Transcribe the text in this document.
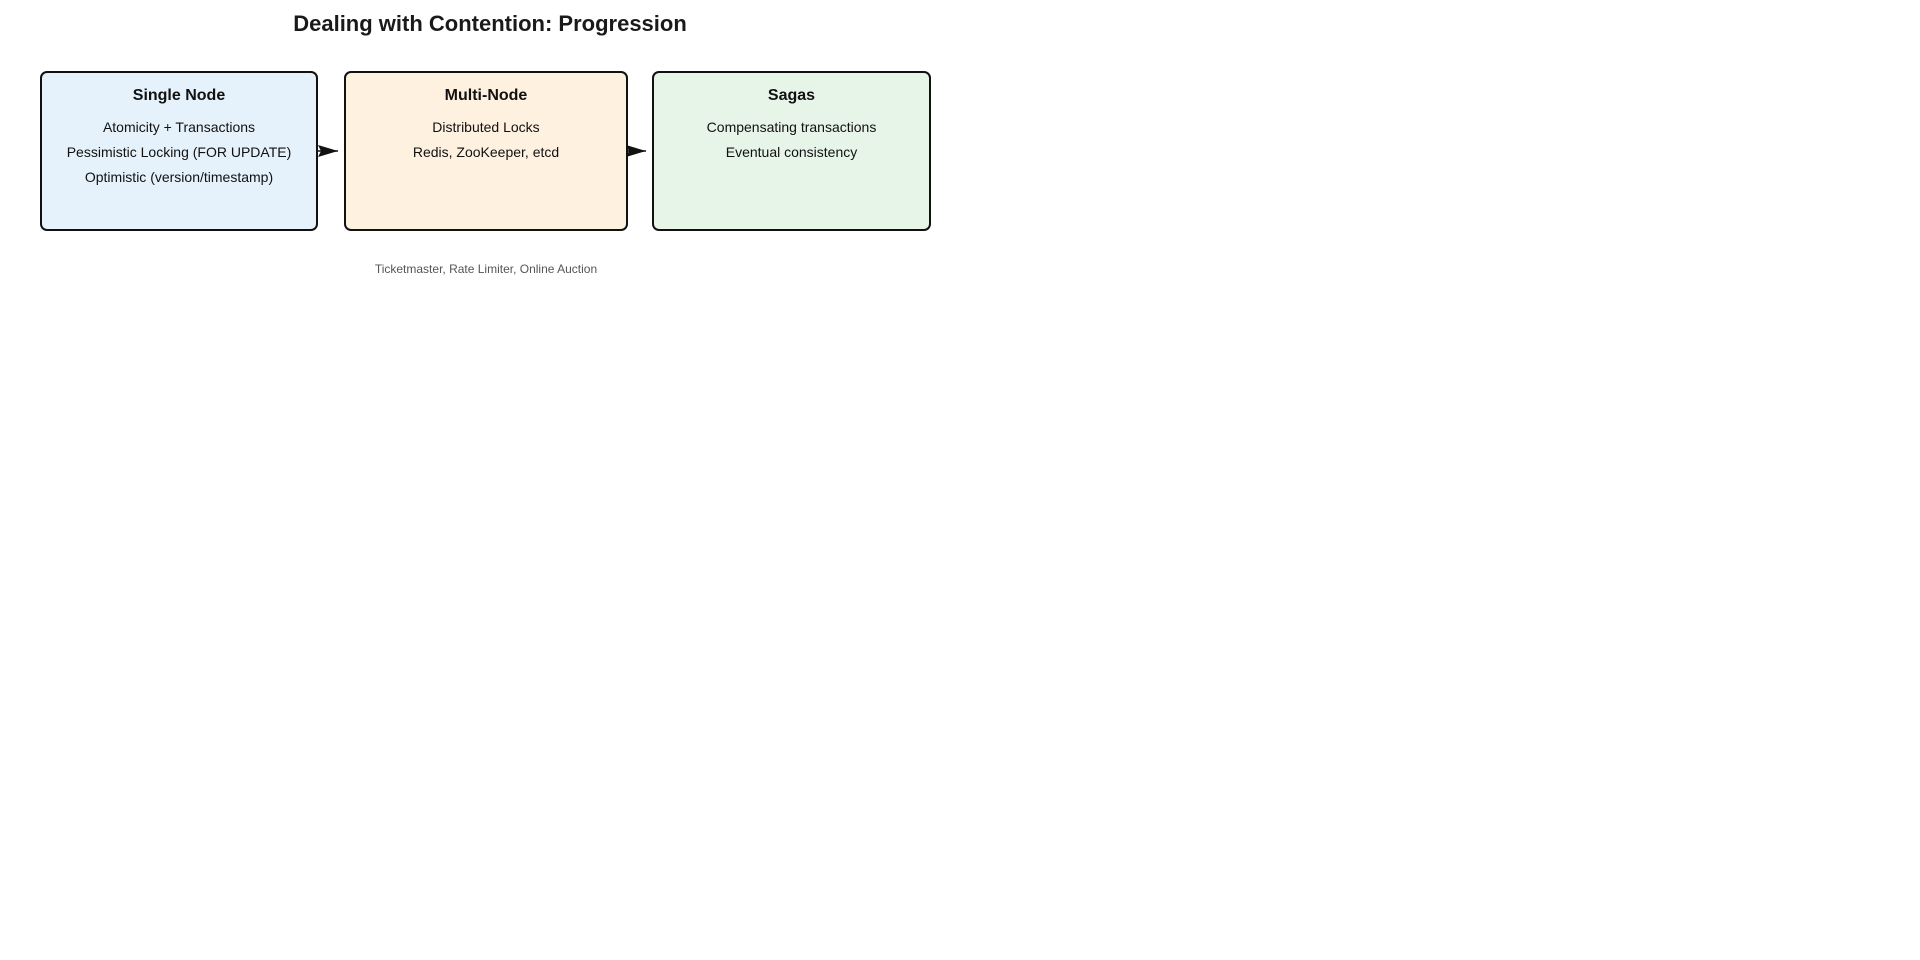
Dealing with Contention: Progression
Single Node
Atomicity + Transactions
Pessimistic Locking (FOR UPDATE)
Optimistic (version/timestamp)
Multi-Node
Distributed Locks
Redis, ZooKeeper, etcd
Sagas
Compensating transactions
Eventual consistency
Ticketmaster, Rate Limiter, Online Auction
